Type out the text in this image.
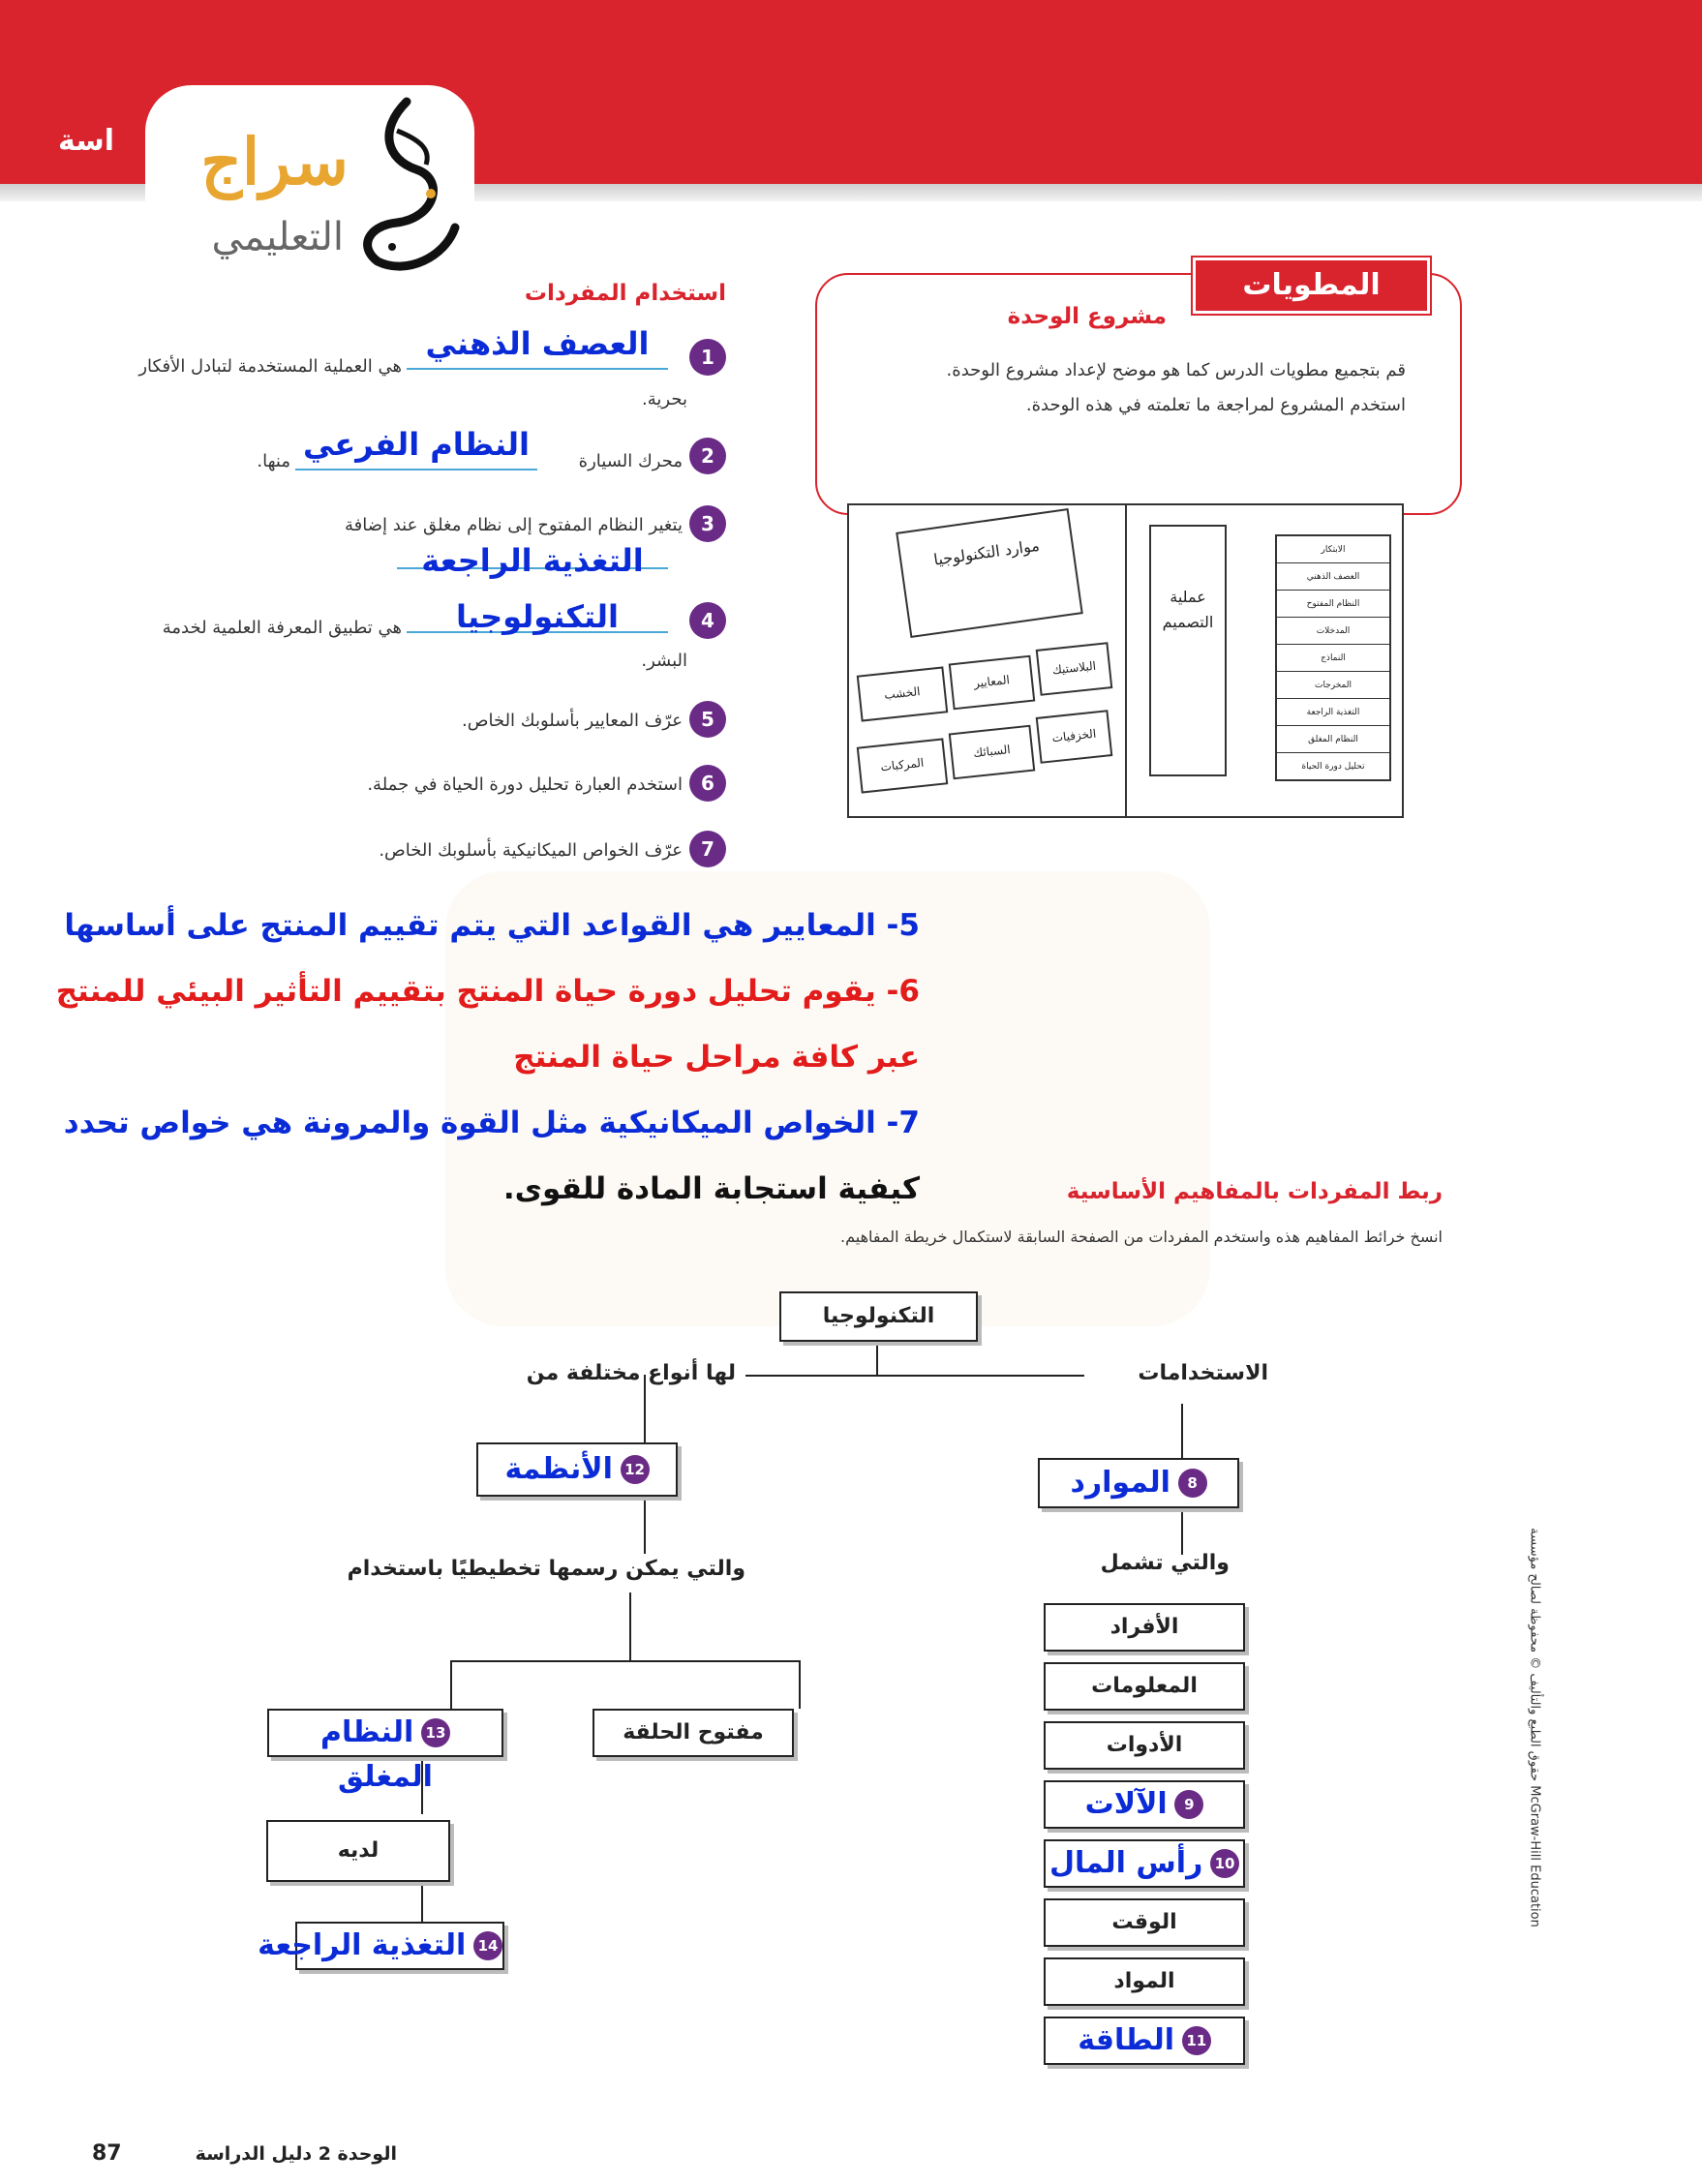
اسة	سراج
التعليمي
استخدام المفردات
1
العصف الذهني
هي العملية المستخدمة لتبادل الأفكار
بحرية.
2
محرك السيارة
النظام الفرعي
منها.
3
يتغير النظام المفتوح إلى نظام مغلق عند إضافة
التغذية الراجعة
4
التكنولوجيا
هي تطبيق المعرفة العلمية لخدمة
البشر.
5
عرّف المعايير بأسلوبك الخاص.
6
استخدم العبارة تحليل دورة الحياة في جملة.
7
عرّف الخواص الميكانيكية بأسلوبك الخاص.
المطويات
مشروع الوحدة
قم بتجميع مطويات الدرس كما هو موضح لإعداد مشروع الوحدة.
استخدم المشروع لمراجعة ما تعلمته في هذه الوحدة.
موارد التكنولوجيا
عملية التصميم
البلاستيك
المعايير
الخشب
الخزفيات
السبائك
المركبات
الابتكار
العصف الذهني
النظام المفتوح
المدخلات
النماذج
المخرجات
التغذية الراجعة
النظام المغلق
تحليل دورة الحياة
5- المعايير هي القواعد التي يتم تقييم المنتج على أساسها
6- يقوم تحليل دورة حياة المنتج بتقييم التأثير البيئي للمنتج
عبر كافة مراحل حياة المنتج
7- الخواص الميكانيكية مثل القوة والمرونة هي خواص تحدد
كيفية استجابة المادة للقوى.	ربط المفردات بالمفاهيم الأساسية
انسخ خرائط المفاهيم هذه واستخدم المفردات من الصفحة السابقة لاستكمال خريطة المفاهيم.
التكنولوجيا
لها أنواع مختلفة من	الاستخدامات
12 الأنظمة	8 الموارد
والتي يمكن رسمها تخطيطيًا باستخدام	والتي تشمل
13 النظام المغلق
مفتوح الحلقة
لديه
14 التغذية الراجعة
الأفراد
المعلومات
الأدوات
9 الآلات
10 رأس المال
الوقت
المواد
11 الطاقة
حقوق الطبع والتأليف © محفوظة لصالح مؤسسة McGraw-Hill Education
87	الوحدة 2 دليل الدراسة
